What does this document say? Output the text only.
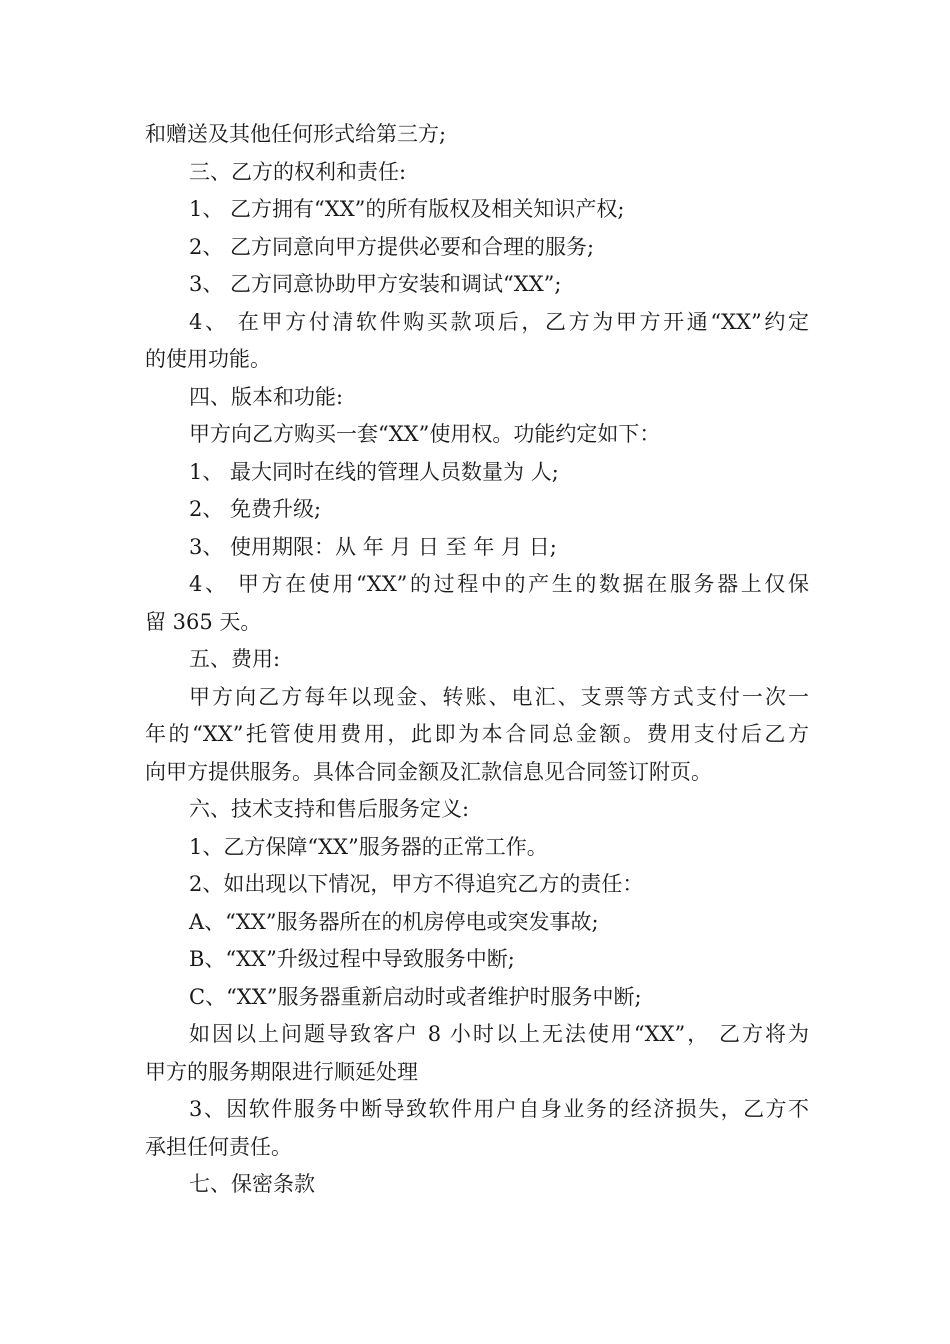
和赠送及其他任何形式给第三方;
三、乙方的权利和责任:
1、 乙方拥有“XX”的所有版权及相关知识产权;
2、 乙方同意向甲方提供必要和合理的服务;
3、 乙方同意协助甲方安装和调试“XX”;
4、 在甲方付清软件购买款项后，乙方为甲方开通“XX”约定
的使用功能。
四、版本和功能:
甲方向乙方购买一套“XX”使用权。功能约定如下：
1、 最大同时在线的管理人员数量为 人;
2、 免费升级;
3、 使用期限：从 年 月 日 至 年 月 日;
4、 甲方在使用“XX”的过程中的产生的数据在服务器上仅保
留 365 天。
五、费用:
甲方向乙方每年以现金、转账、电汇、支票等方式支付一次一
年的“XX”托管使用费用，此即为本合同总金额。费用支付后乙方
向甲方提供服务。具体合同金额及汇款信息见合同签订附页。
六、技术支持和售后服务定义:
1、乙方保障“XX”服务器的正常工作。
2、如出现以下情况，甲方不得追究乙方的责任：
A、“XX”服务器所在的机房停电或突发事故;
B、“XX”升级过程中导致服务中断;
C、“XX”服务器重新启动时或者维护时服务中断;
如因以上问题导致客户 8 小时以上无法使用“XX”， 乙方将为
甲方的服务期限进行顺延处理
3、因软件服务中断导致软件用户自身业务的经济损失，乙方不
承担任何责任。
七、保密条款
